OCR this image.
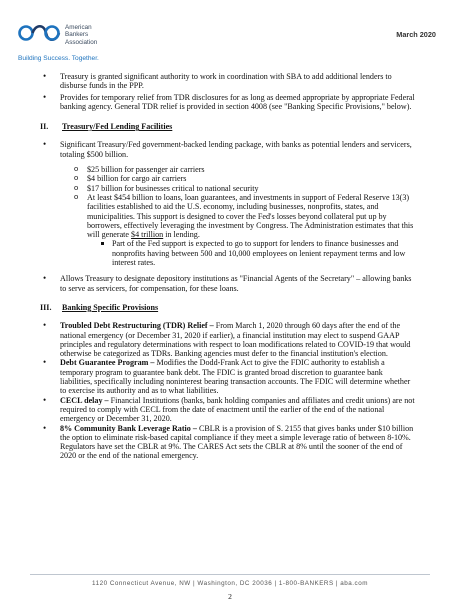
American
Bankers
Association
Building Success. Together.
March 2020
• Treasury is granted significant authority to work in coordination with SBA to add additional lenders to disburse funds in the PPP.
• Provides for temporary relief from TDR disclosures for as long as deemed appropriate by appropriate Federal banking agency. General TDR relief is provided in section 4008 (see "Banking Specific Provisions," below).
II. Treasury/Fed Lending Facilities
• Significant Treasury/Fed government-backed lending package, with banks as potential lenders and servicers, totaling $500 billion.
o $25 billion for passenger air carriers
o $4 billion for cargo air carriers
o $17 billion for businesses critical to national security
o At least $454 billion to loans, loan guarantees, and investments in support of Federal Reserve 13(3) facilities established to aid the U.S. economy, including businesses, nonprofits, states, and municipalities. This support is designed to cover the Fed's losses beyond collateral put up by borrowers, effectively leveraging the investment by Congress. The Administration estimates that this will generate $4 trillion in lending.
Part of the Fed support is expected to go to support for lenders to finance businesses and nonprofits having between 500 and 10,000 employees on lenient repayment terms and low interest rates.
• Allows Treasury to designate depository institutions as "Financial Agents of the Secretary" – allowing banks to serve as servicers, for compensation, for these loans.
III. Banking Specific Provisions
• Troubled Debt Restructuring (TDR) Relief – From March 1, 2020 through 60 days after the end of the national emergency (or December 31, 2020 if earlier), a financial institution may elect to suspend GAAP principles and regulatory determinations with respect to loan modifications related to COVID-19 that would otherwise be categorized as TDRs. Banking agencies must defer to the financial institution's election.
• Debt Guarantee Program – Modifies the Dodd-Frank Act to give the FDIC authority to establish a temporary program to guarantee bank debt. The FDIC is granted broad discretion to guarantee bank liabilities, specifically including noninterest bearing transaction accounts. The FDIC will determine whether to exercise its authority and as to what liabilities.
• CECL delay – Financial Institutions (banks, bank holding companies and affiliates and credit unions) are not required to comply with CECL from the date of enactment until the earlier of the end of the national emergency or December 31, 2020.
• 8% Community Bank Leverage Ratio – CBLR is a provision of S. 2155 that gives banks under $10 billion the option to eliminate risk-based capital compliance if they meet a simple leverage ratio of between 8-10%. Regulators have set the CBLR at 9%. The CARES Act sets the CBLR at 8% until the sooner of the end of 2020 or the end of the national emergency.
1120 Connecticut Avenue, NW | Washington, DC 20036 | 1-800-BANKERS | aba.com
2
